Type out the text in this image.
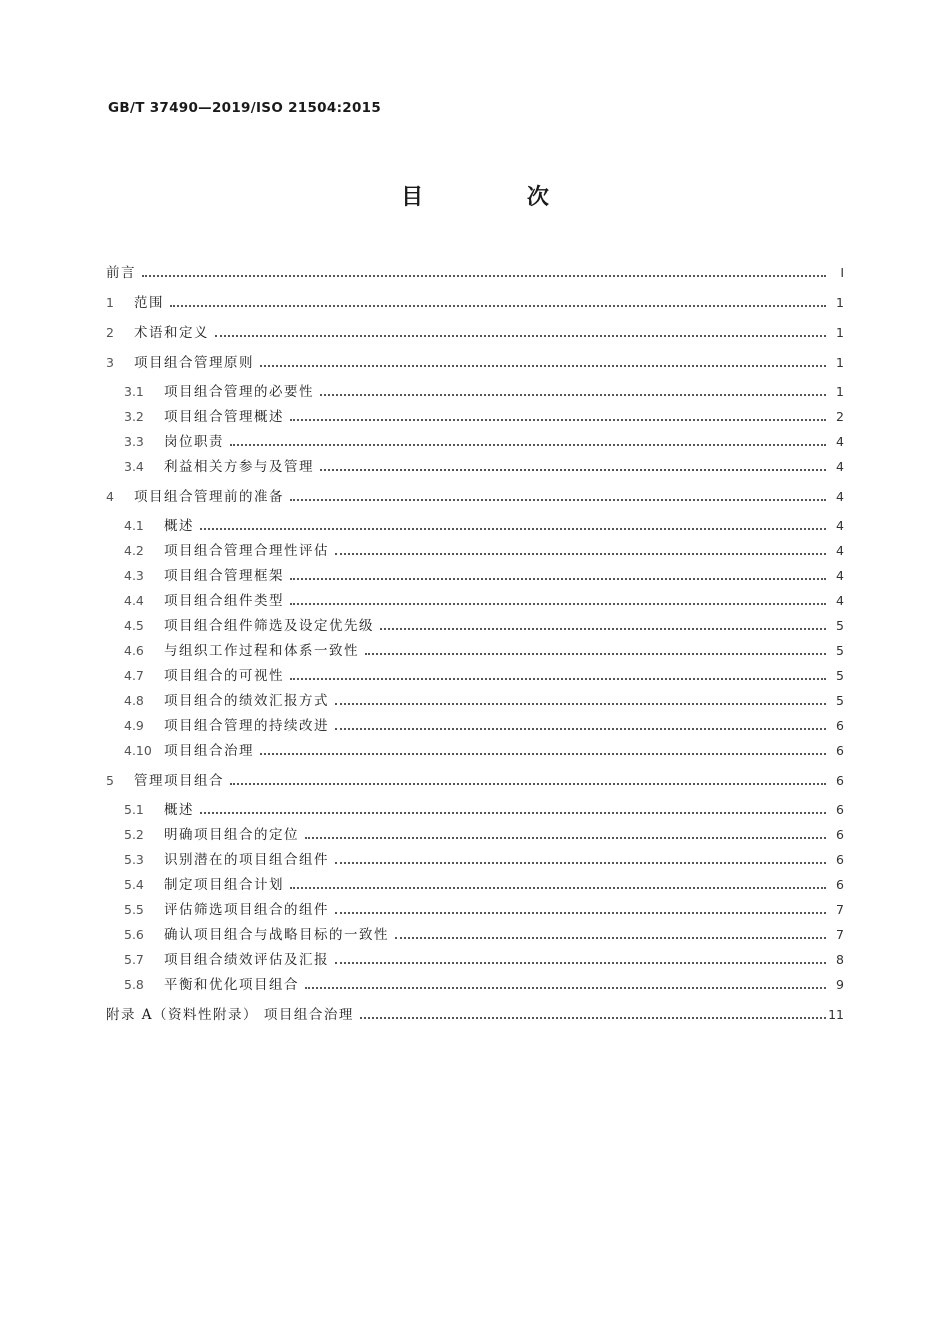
GB/T 37490—2019/ISO 21504:2015
目 次
前言	Ⅰ
1	范围	1
2	术语和定义	1
3	项目组合管理原则	1
3.1	项目组合管理的必要性	1
3.2	项目组合管理概述	2
3.3	岗位职责	4
3.4	利益相关方参与及管理	4
4	项目组合管理前的准备	4
4.1	概述	4
4.2	项目组合管理合理性评估	4
4.3	项目组合管理框架	4
4.4	项目组合组件类型	4
4.5	项目组合组件筛选及设定优先级	5
4.6	与组织工作过程和体系一致性	5
4.7	项目组合的可视性	5
4.8	项目组合的绩效汇报方式	5
4.9	项目组合管理的持续改进	6
4.10 项目组合治理	6
5	管理项目组合	6
5.1	概述	6
5.2	明确项目组合的定位	6
5.3	识别潜在的项目组合组件	6
5.4	制定项目组合计划	6
5.5	评估筛选项目组合的组件	7
5.6	确认项目组合与战略目标的一致性	7
5.7	项目组合绩效评估及汇报	8
5.8	平衡和优化项目组合	9
附录 A（资料性附录） 项目组合治理	11
